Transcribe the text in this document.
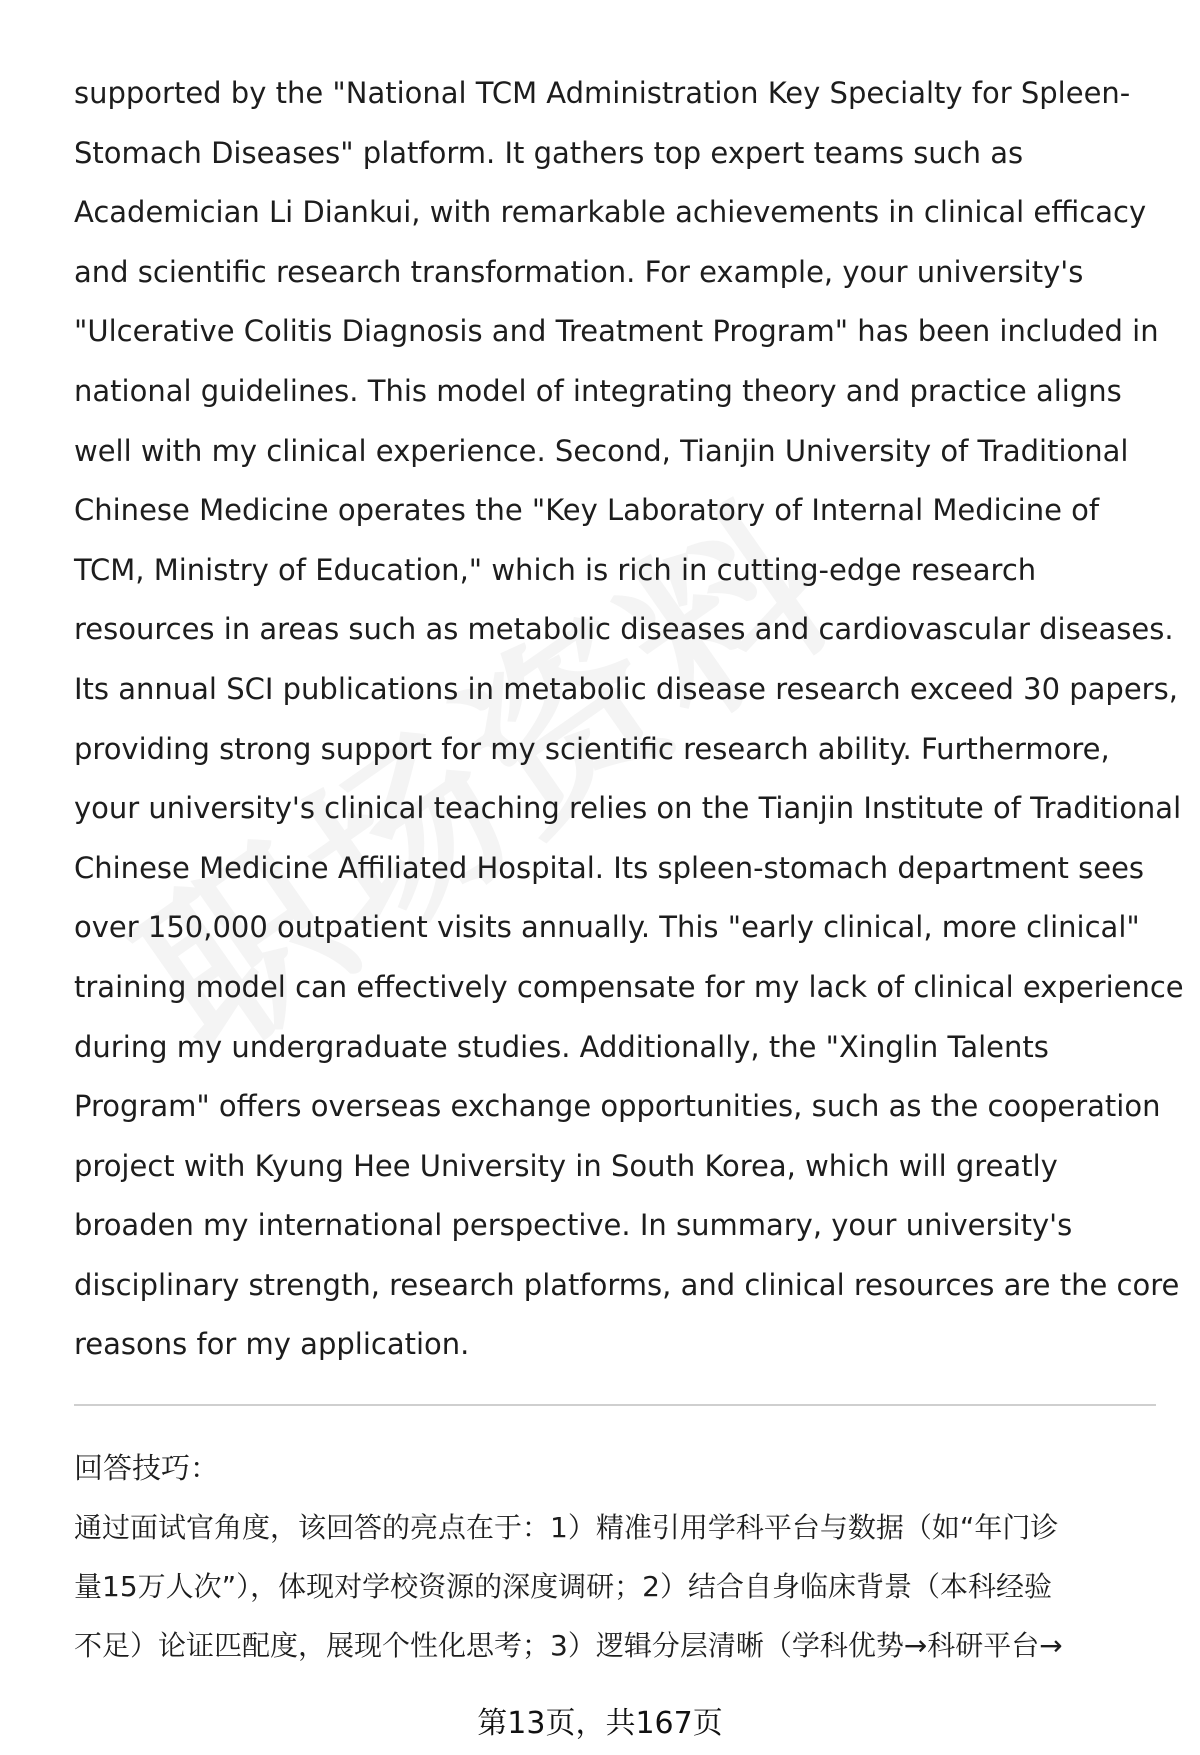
supported by the "National TCM Administration Key Specialty for Spleen-
Stomach Diseases" platform. It gathers top expert teams such as
Academician Li Diankui, with remarkable achievements in clinical efficacy
and scientific research transformation. For example, your university's
"Ulcerative Colitis Diagnosis and Treatment Program" has been included in
national guidelines. This model of integrating theory and practice aligns
well with my clinical experience. Second, Tianjin University of Traditional
Chinese Medicine operates the "Key Laboratory of Internal Medicine of
TCM, Ministry of Education," which is rich in cutting-edge research
resources in areas such as metabolic diseases and cardiovascular diseases.
Its annual SCI publications in metabolic disease research exceed 30 papers,
providing strong support for my scientific research ability. Furthermore,
your university's clinical teaching relies on the Tianjin Institute of Traditional
Chinese Medicine Affiliated Hospital. Its spleen-stomach department sees
over 150,000 outpatient visits annually. This "early clinical, more clinical"
training model can effectively compensate for my lack of clinical experience
during my undergraduate studies. Additionally, the "Xinglin Talents
Program" offers overseas exchange opportunities, such as the cooperation
project with Kyung Hee University in South Korea, which will greatly
broaden my international perspective. In summary, your university's
disciplinary strength, research platforms, and clinical resources are the core
reasons for my application.
回答技巧：
通过面试官角度，该回答的亮点在于：1）精准引用学科平台与数据（如“年门诊
量15万人次”），体现对学校资源的深度调研；2）结合自身临床背景（本科经验
不足）论证匹配度，展现个性化思考；3）逻辑分层清晰（学科优势→科研平台→
第13页，共167页
